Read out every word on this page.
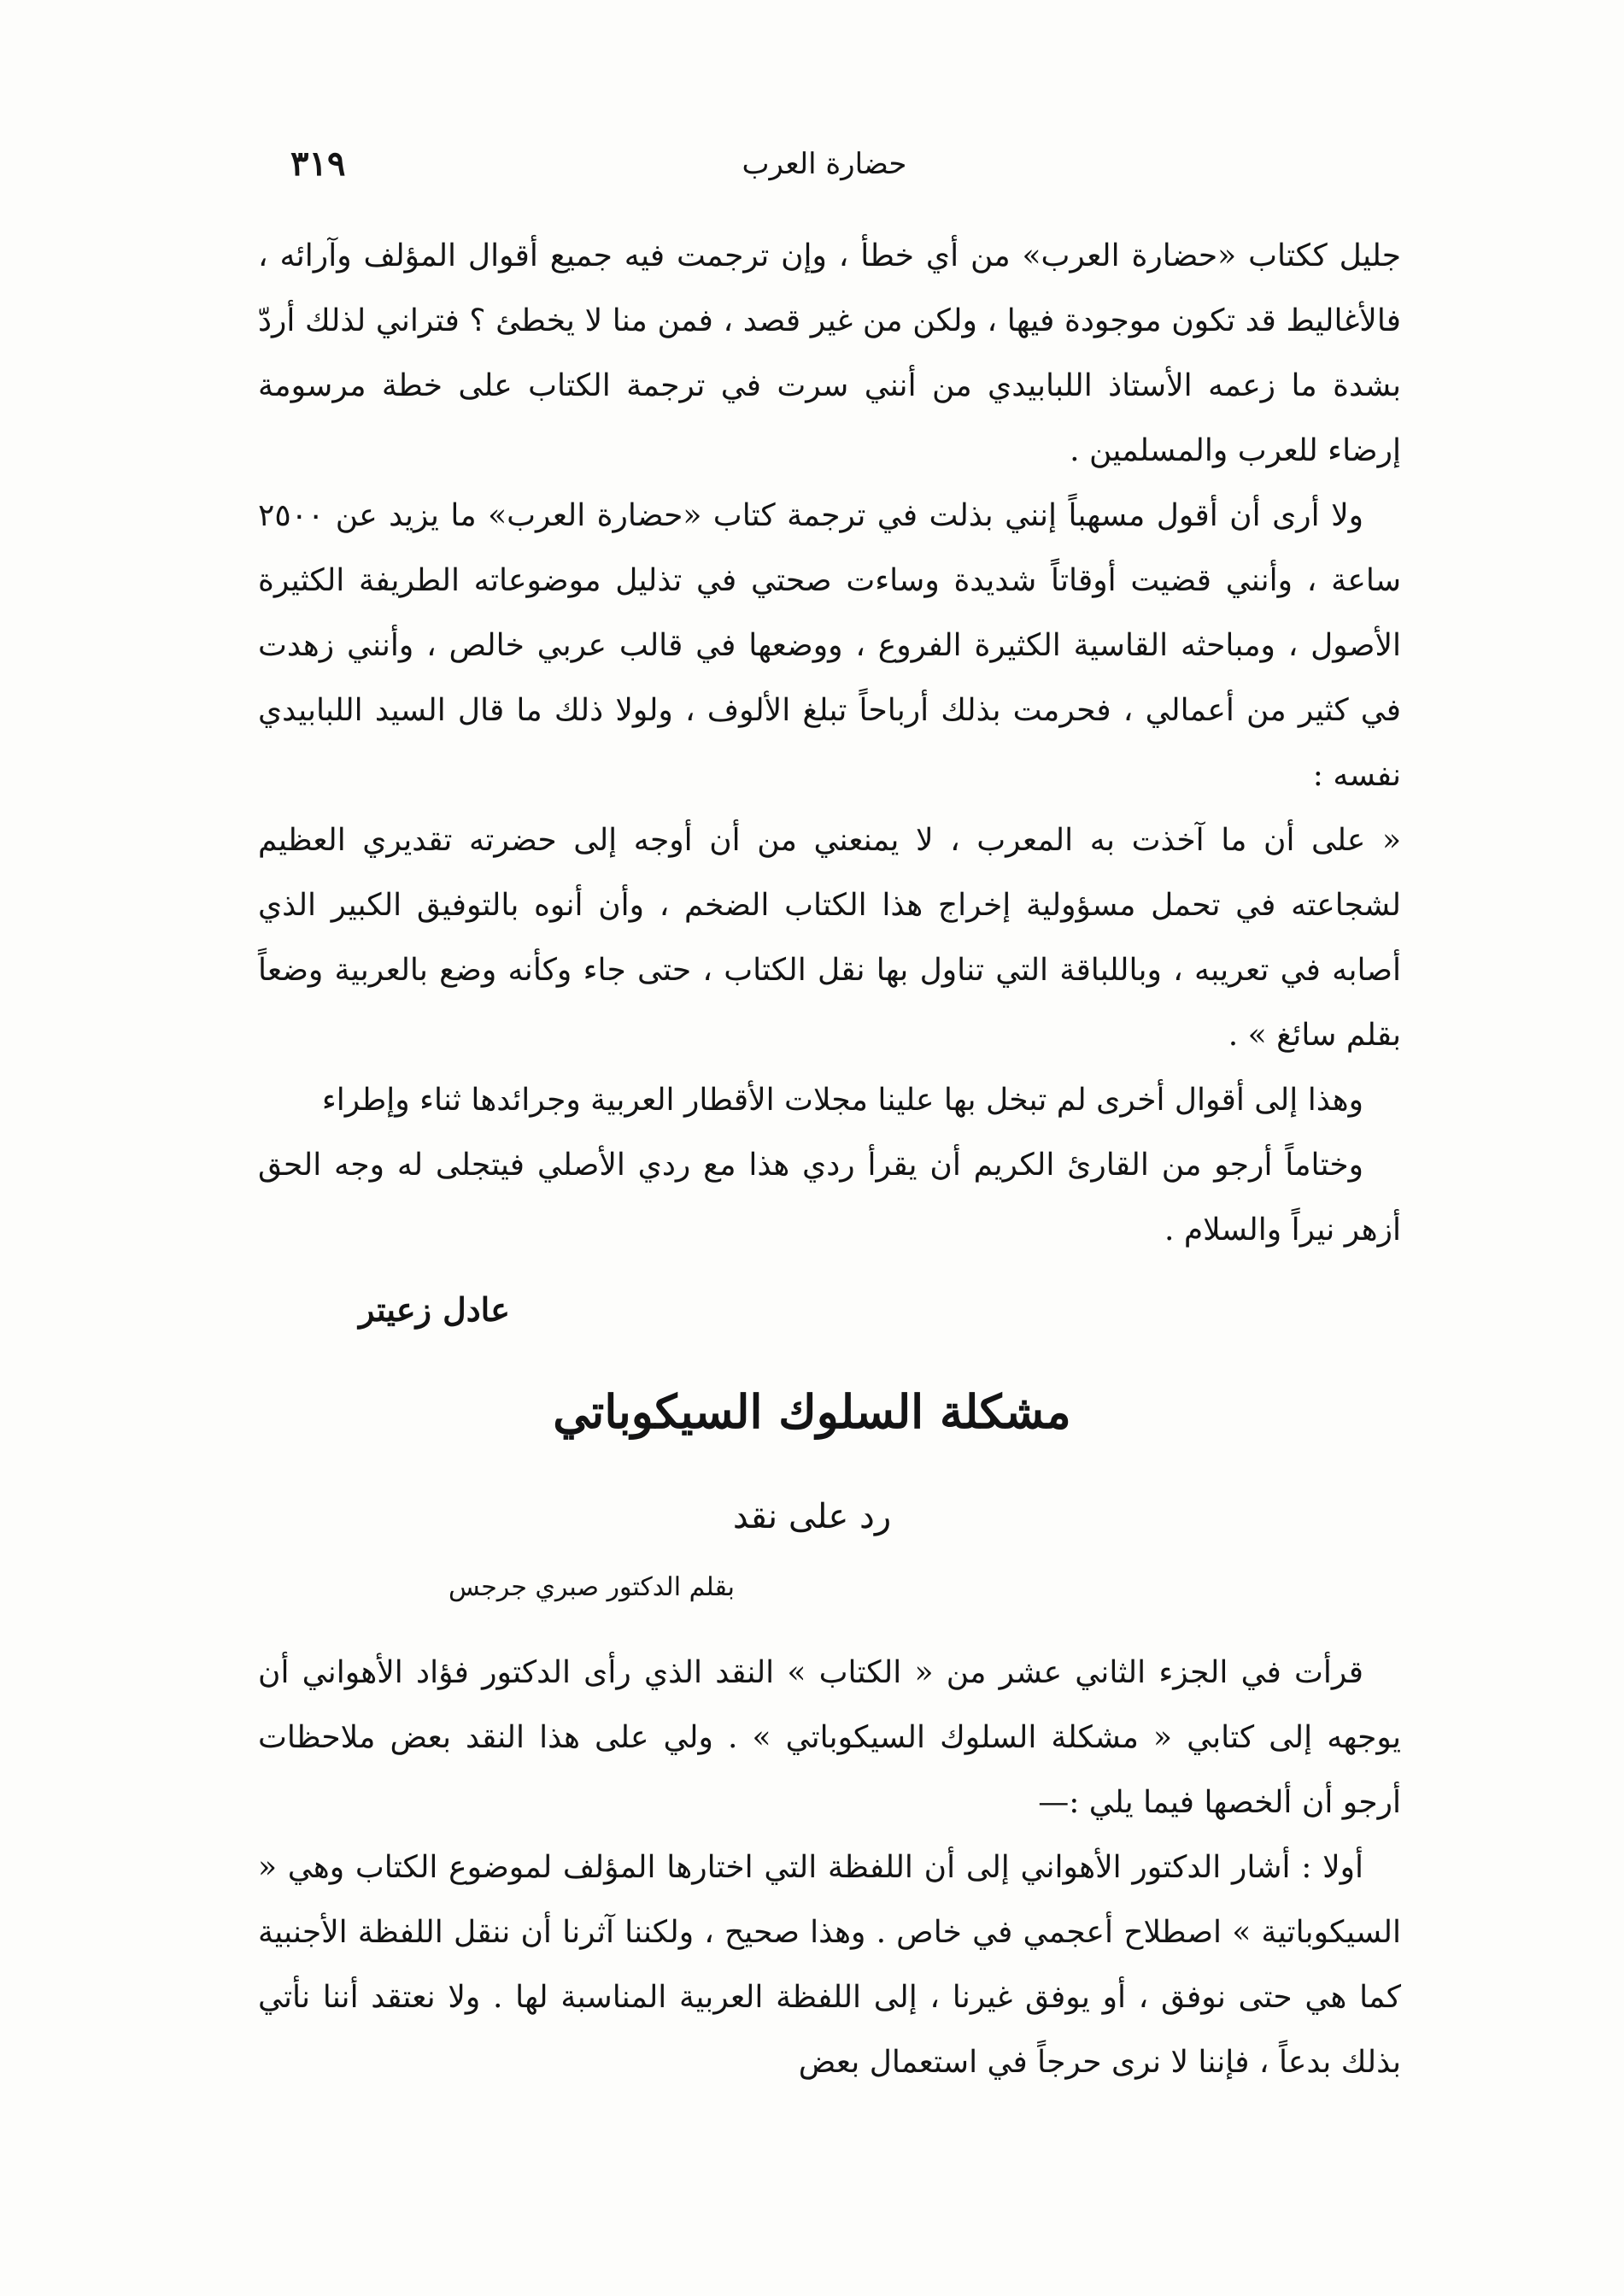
٣١٩	حضارة العرب

جليل ككتاب «حضارة العرب» من أي خطأ ، وإن ترجمت فيه جميع أقوال المؤلف وآرائه ، فالأغاليط قد تكون موجودة فيها ، ولكن من غير قصد ، فمن منا لا يخطئ ؟ فتراني لذلك أردّ بشدة ما زعمه الأستاذ اللبابيدي من أنني سرت في ترجمة الكتاب على خطة مرسومة إرضاء للعرب والمسلمين .

ولا أرى أن أقول مسهباً إنني بذلت في ترجمة كتاب «حضارة العرب» ما يزيد عن ٢٥٠٠ ساعة ، وأنني قضيت أوقاتاً شديدة وساءت صحتي في تذليل موضوعاته الطريفة الكثيرة الأصول ، ومباحثه القاسية الكثيرة الفروع ، ووضعها في قالب عربي خالص ، وأنني زهدت في كثير من أعمالي ، فحرمت بذلك أرباحاً تبلغ الألوف ، ولولا ذلك ما قال السيد اللبابيدي نفسه :

« على أن ما آخذت به المعرب ، لا يمنعني من أن أوجه إلى حضرته تقديري العظيم لشجاعته في تحمل مسؤولية إخراج هذا الكتاب الضخم ، وأن أنوه بالتوفيق الكبير الذي أصابه في تعريبه ، وباللباقة التي تناول بها نقل الكتاب ، حتى جاء وكأنه وضع بالعربية وضعاً بقلم سائغ » .

وهذا إلى أقوال أخرى لم تبخل بها علينا مجلات الأقطار العربية وجرائدها ثناء وإطراء

وختاماً أرجو من القارئ الكريم أن يقرأ ردي هذا مع ردي الأصلي فيتجلى له وجه الحق أزهر نيراً والسلام .

عادل زعيتر
مشكلة السلوك السيكوباتي
رد على نقد
بقلم الدكتور صبري جرجس

قرأت في الجزء الثاني عشر من « الكتاب » النقد الذي رأى الدكتور فؤاد الأهواني أن يوجهه إلى كتابي « مشكلة السلوك السيكوباتي » . ولي على هذا النقد بعض ملاحظات أرجو أن ألخصها فيما يلي :—

أولا : أشار الدكتور الأهواني إلى أن اللفظة التي اختارها المؤلف لموضوع الكتاب وهي « السيكوباتية » اصطلاح أعجمي في خاص . وهذا صحيح ، ولكننا آثرنا أن ننقل اللفظة الأجنبية كما هي حتى نوفق ، أو يوفق غيرنا ، إلى اللفظة العربية المناسبة لها . ولا نعتقد أننا نأتي بذلك بدعاً ، فإننا لا نرى حرجاً في استعمال بعض
